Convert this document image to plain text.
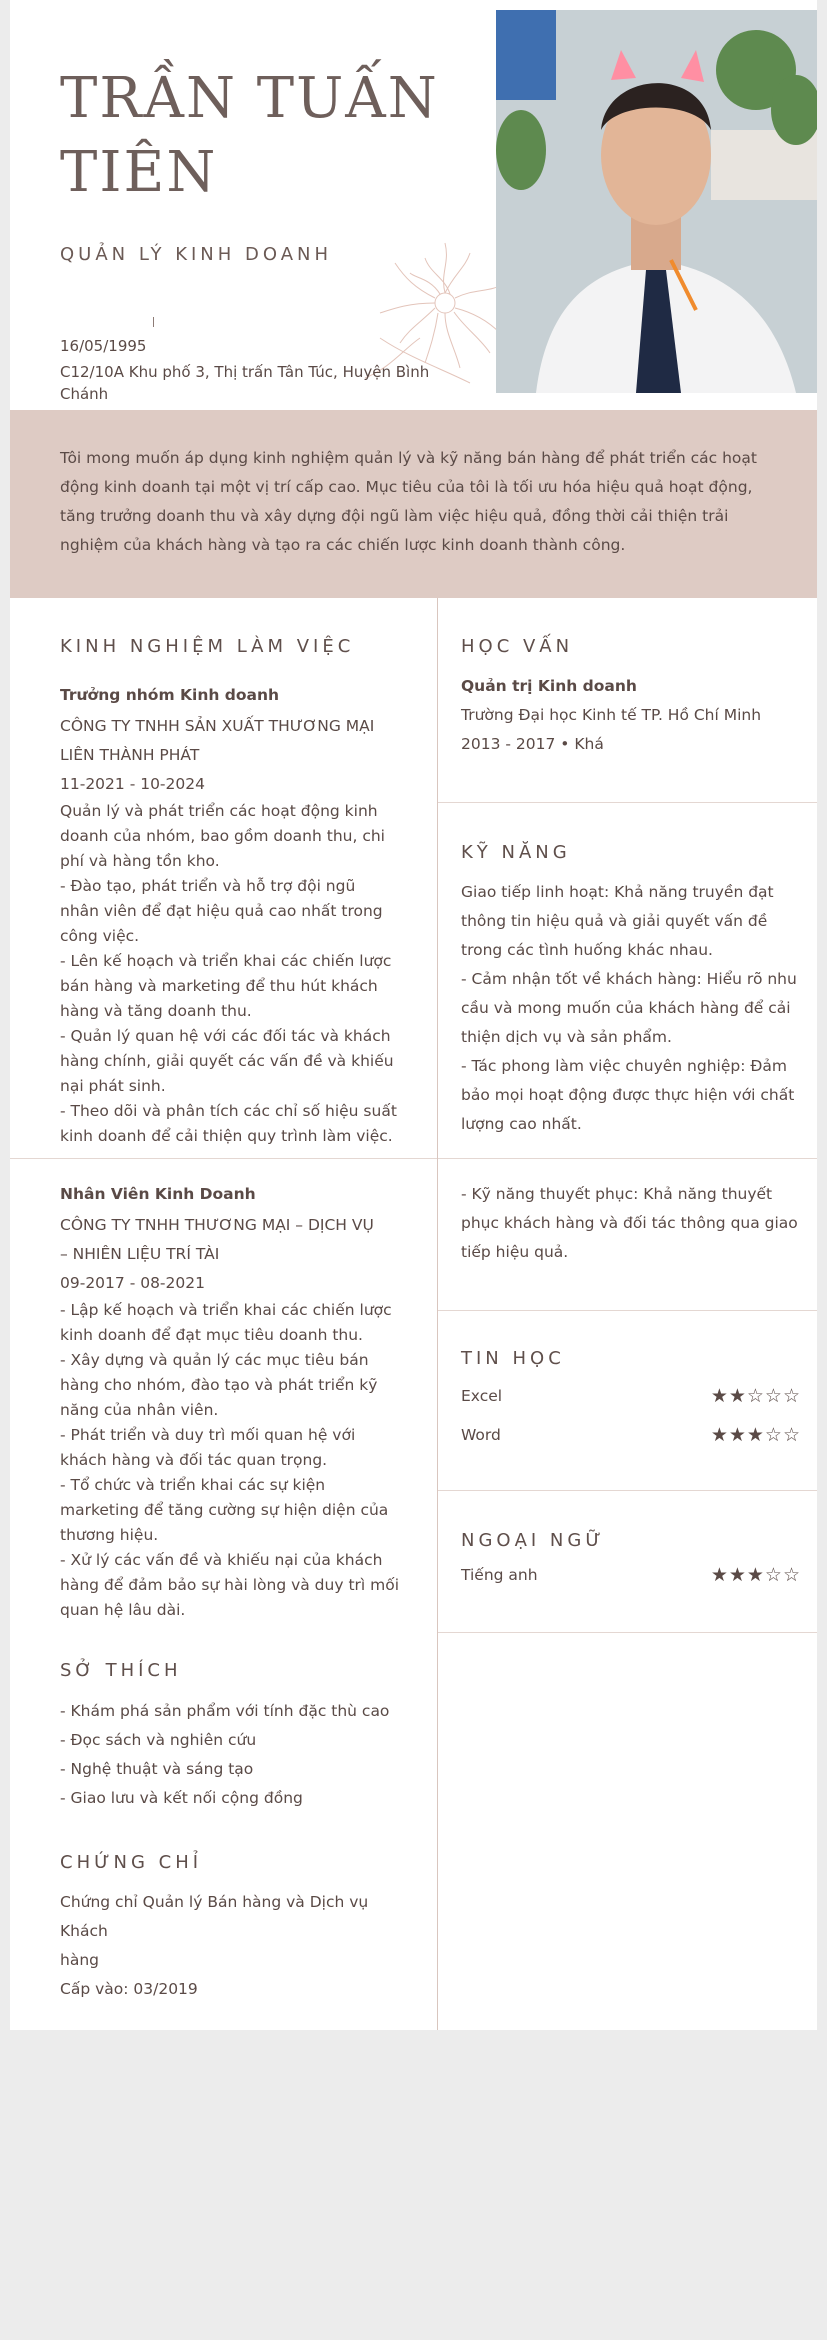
TRẦN TUẤN
TIÊN
QUẢN LÝ KINH DOANH
16/05/1995
C12/10A Khu phố 3, Thị trấn Tân Túc, Huyện Bình Chánh

Tôi mong muốn áp dụng kinh nghiệm quản lý và kỹ năng bán hàng để phát triển các hoạt động kinh doanh tại một vị trí cấp cao. Mục tiêu của tôi là tối ưu hóa hiệu quả hoạt động, tăng trưởng doanh thu và xây dựng đội ngũ làm việc hiệu quả, đồng thời cải thiện trải nghiệm của khách hàng và tạo ra các chiến lược kinh doanh thành công.

KINH NGHIỆM LÀM VIỆC
Trưởng nhóm Kinh doanh
CÔNG TY TNHH SẢN XUẤT THƯƠNG MẠI
LIÊN THÀNH PHÁT
11-2021 - 10-2024
Quản lý và phát triển các hoạt động kinh
doanh của nhóm, bao gồm doanh thu, chi
phí và hàng tồn kho.
- Đào tạo, phát triển và hỗ trợ đội ngũ
nhân viên để đạt hiệu quả cao nhất trong
công việc.
- Lên kế hoạch và triển khai các chiến lược
bán hàng và marketing để thu hút khách
hàng và tăng doanh thu.
- Quản lý quan hệ với các đối tác và khách
hàng chính, giải quyết các vấn đề và khiếu
nại phát sinh.
- Theo dõi và phân tích các chỉ số hiệu suất
kinh doanh để cải thiện quy trình làm việc.
Nhân Viên Kinh Doanh
CÔNG TY TNHH THƯƠNG MẠI – DỊCH VỤ
– NHIÊN LIỆU TRÍ TÀI
09-2017 - 08-2021
- Lập kế hoạch và triển khai các chiến lược
kinh doanh để đạt mục tiêu doanh thu.
- Xây dựng và quản lý các mục tiêu bán
hàng cho nhóm, đào tạo và phát triển kỹ
năng của nhân viên.
- Phát triển và duy trì mối quan hệ với
khách hàng và đối tác quan trọng.
- Tổ chức và triển khai các sự kiện
marketing để tăng cường sự hiện diện của
thương hiệu.
- Xử lý các vấn đề và khiếu nại của khách
hàng để đảm bảo sự hài lòng và duy trì mối
quan hệ lâu dài.
SỞ THÍCH
- Khám phá sản phẩm với tính đặc thù cao
- Đọc sách và nghiên cứu
- Nghệ thuật và sáng tạo
- Giao lưu và kết nối cộng đồng
CHỨNG CHỈ
Chứng chỉ Quản lý Bán hàng và Dịch vụ Khách
hàng
Cấp vào: 03/2019
HỌC VẤN
Quản trị Kinh doanh
Trường Đại học Kinh tế TP. Hồ Chí Minh
2013 - 2017 • Khá
KỸ NĂNG
Giao tiếp linh hoạt: Khả năng truyền đạt
thông tin hiệu quả và giải quyết vấn đề
trong các tình huống khác nhau.
- Cảm nhận tốt về khách hàng: Hiểu rõ nhu
cầu và mong muốn của khách hàng để cải
thiện dịch vụ và sản phẩm.
- Tác phong làm việc chuyên nghiệp: Đảm
bảo mọi hoạt động được thực hiện với chất
lượng cao nhất.
- Kỹ năng thuyết phục: Khả năng thuyết
phục khách hàng và đối tác thông qua giao
tiếp hiệu quả.
TIN HỌC
Excel	★★☆☆☆
Word	★★★☆☆
NGOẠI NGỮ
Tiếng anh	★★★☆☆
